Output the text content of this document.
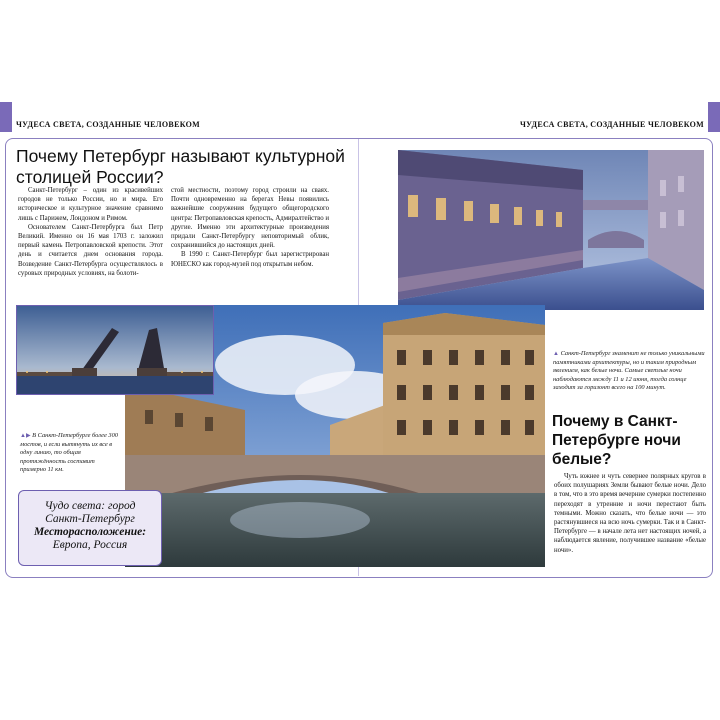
ЧУДЕСА СВЕТА, СОЗДАННЫЕ ЧЕЛОВЕКОМ	ЧУДЕСА СВЕТА, СОЗДАННЫЕ ЧЕЛОВЕКОМ
Почему Петербург называют культурной столицей России?

Санкт-Петербург – один из красивейших городов не только России, но и мира. Его историческое и культурное значение сравнимо лишь с Парижем, Лондоном и Римом.

Основателем Санкт-Петербурга был Петр Великий. Именно он 16 мая 1703 г. заложил первый камень Петропавловской крепости. Этот день и считается днем основания города. Возведение Санкт-Петербурга осуществлялось в суровых природных условиях, на болоти-

стой местности, поэтому город строили на сваях. Почти одновременно на берегах Невы появились важнейшие сооружения будущего общегородского центра: Петропавловская крепость, Адмиралтейство и другие. Именно эти архитектурные произведения придали Санкт-Петербургу неповторимый облик, сохранившийся до настоящих дней.

В 1990 г. Санкт-Петербург был зарегистрирован ЮНЕСКО как город-музей под открытым небом.

▲▶ В Санкт-Петербурге более 300 мостов, и если вытянуть их все в одну линию, то общая протяжённость составит примерно 11 км.
▲ Санкт-Петербург знаменит не только уникальными памятниками архитектуры, но и таким природным явлением, как белые ночи. Самые светлые ночи наблюдаются между 11 и 12 июня, тогда солнце заходит за горизонт всего на 100 минут.
Чудо света: город
Санкт-Петербург
Месторасположение:
Европа, Россия
Почему в Санкт-Петербурге ночи белые?

Чуть южнее и чуть севернее полярных кругов в обоих полушариях Земли бывают белые ночи. Дело в том, что в это время вечерние сумерки постепенно переходят в утренние и ночи перестают быть темными. Можно сказать, что белые ночи — это растянувшиеся на всю ночь сумерки. Так и в Санкт-Петербурге — в начале лета нет настоящих ночей, а наблюдается явление, получившее название «белые ночи».
